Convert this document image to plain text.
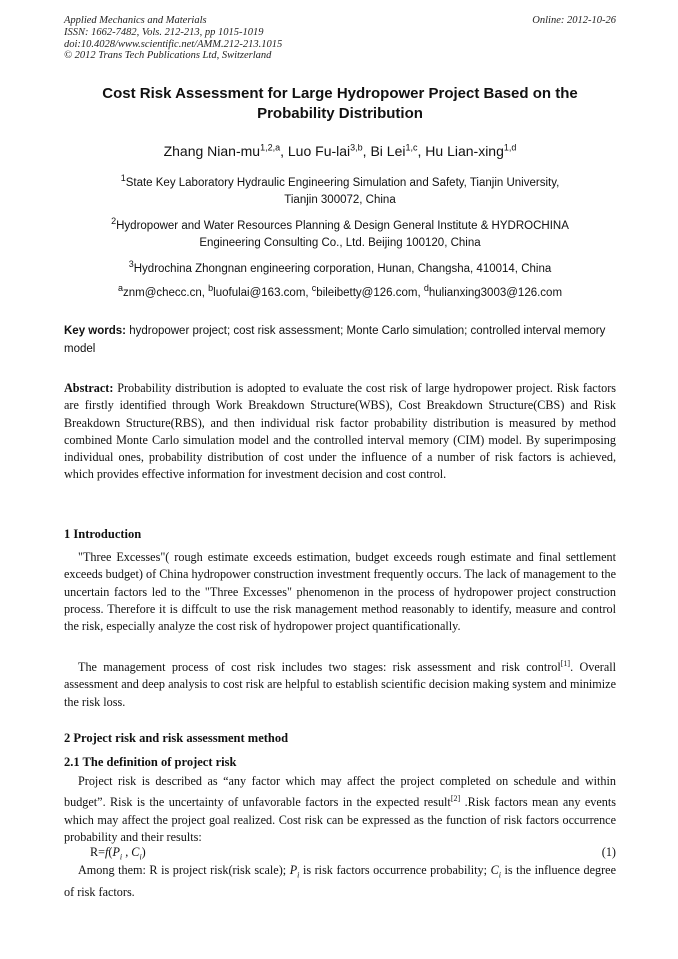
Applied Mechanics and Materials
ISSN: 1662-7482, Vols. 212-213, pp 1015-1019
doi:10.4028/www.scientific.net/AMM.212-213.1015
© 2012 Trans Tech Publications Ltd, Switzerland
Online: 2012-10-26
Cost Risk Assessment for Large Hydropower Project Based on the
Probability Distribution
Zhang Nian-mu$^{1,2,a}$, Luo Fu-lai$^{3,b}$, Bi Lei$^{1,c}$, Hu Lian-xing$^{1,d}$
$^1$State Key Laboratory Hydraulic Engineering Simulation and Safety, Tianjin University,
Tianjin 300072, China
$^2$Hydropower and Water Resources Planning & Design General Institute & HYDROCHINA
Engineering Consulting Co., Ltd. Beijing 100120, China
$^3$Hydrochina Zhongnan engineering corporation, Hunan, Changsha, 410014, China
$^a$znm@checc.cn, $^b$luofulai@163.com, $^c$bileibetty@126.com, $^d$hulianxing3003@126.com
Key words: hydropower project; cost risk assessment; Monte Carlo simulation; controlled interval memory model
Abstract: Probability distribution is adopted to evaluate the cost risk of large hydropower project. Risk factors are firstly identified through Work Breakdown Structure(WBS), Cost Breakdown Structure(CBS) and Risk Breakdown Structure(RBS), and then individual risk factor probability distribution is measured by method combined Monte Carlo simulation model and the controlled interval memory (CIM) model. By superimposing individual ones, probability distribution of cost under the influence of a number of risk factors is achieved, which provides effective information for investment decision and cost control.
1 Introduction
"Three Excesses"( rough estimate exceeds estimation, budget exceeds rough estimate and final settlement exceeds budget) of China hydropower construction investment frequently occurs. The lack of management to the uncertain factors led to the "Three Excesses" phenomenon in the process of hydropower project construction process. Therefore it is diffcult to use the risk management method reasonably to identify, measure and control the risk, especially analyze the cost risk of hydropower project quantificationally.
The management process of cost risk includes two stages: risk assessment and risk control[1]. Overall assessment and deep analysis to cost risk are helpful to establish scientific decision making system and minimize the risk loss.
2 Project risk and risk assessment method
2.1 The definition of project risk
Project risk is described as “any factor which may affect the project completed on schedule and within budget”. Risk is the uncertainty of unfavorable factors in the expected result[2] .Risk factors mean any events which may affect the project goal realized. Cost risk can be expressed as the function of risk factors occurrence probability and their results:
$R=f(P_i$ , $C_i$)	(1)
Among them: R is project risk(risk scale); $P_i$ is risk factors occurrence probability; $C_i$ is the influence degree of risk factors.
